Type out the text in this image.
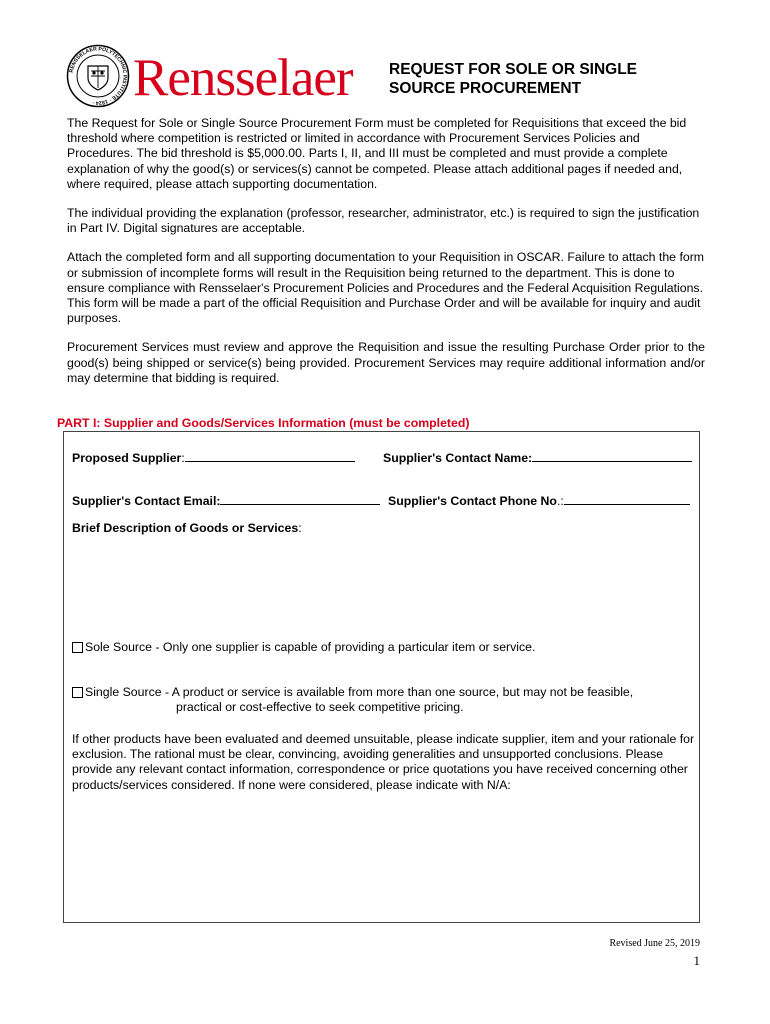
RENSSELAER POLYTECHNIC INSTITUTE · 1824 · Rensselaer REQUEST FOR SOLE OR SINGLE
SOURCE PROCUREMENT

The Request for Sole or Single Source Procurement Form must be completed for Requisitions that exceed the bid threshold where competition is restricted or limited in accordance with Procurement Services Policies and Procedures. The bid threshold is $5,000.00. Parts I, II, and III must be completed and must provide a complete explanation of why the good(s) or services(s) cannot be competed. Please attach additional pages if needed and, where required, please attach supporting documentation.

The individual providing the explanation (professor, researcher, administrator, etc.) is required to sign the justification in Part IV. Digital signatures are acceptable.

Attach the completed form and all supporting documentation to your Requisition in OSCAR. Failure to attach the form or submission of incomplete forms will result in the Requisition being returned to the department. This is done to ensure compliance with Rensselaer's Procurement Policies and Procedures and the Federal Acquisition Regulations. This form will be made a part of the official Requisition and Purchase Order and will be available for inquiry and audit purposes.

Procurement Services must review and approve the Requisition and issue the resulting Purchase Order prior to the good(s) being shipped or service(s) being provided. Procurement Services may require additional information and/or may determine that bidding is required.

PART I: Supplier and Goods/Services Information (must be completed)
Proposed Supplier:	Supplier's Contact Name:
Supplier's Contact Email:	Supplier's Contact Phone No.:
Brief Description of Goods or Services:
Sole Source - Only one supplier is capable of providing a particular item or service.
Single Source - A product or service is available from more than one source, but may not be feasible,
practical or cost-effective to seek competitive pricing.
If other products have been evaluated and deemed unsuitable, please indicate supplier, item and your rationale for exclusion. The rational must be clear, convincing, avoiding generalities and unsupported conclusions. Please provide any relevant contact information, correspondence or price quotations you have received concerning other products/services considered. If none were considered, please indicate with N/A:
Revised June 25, 2019
1
